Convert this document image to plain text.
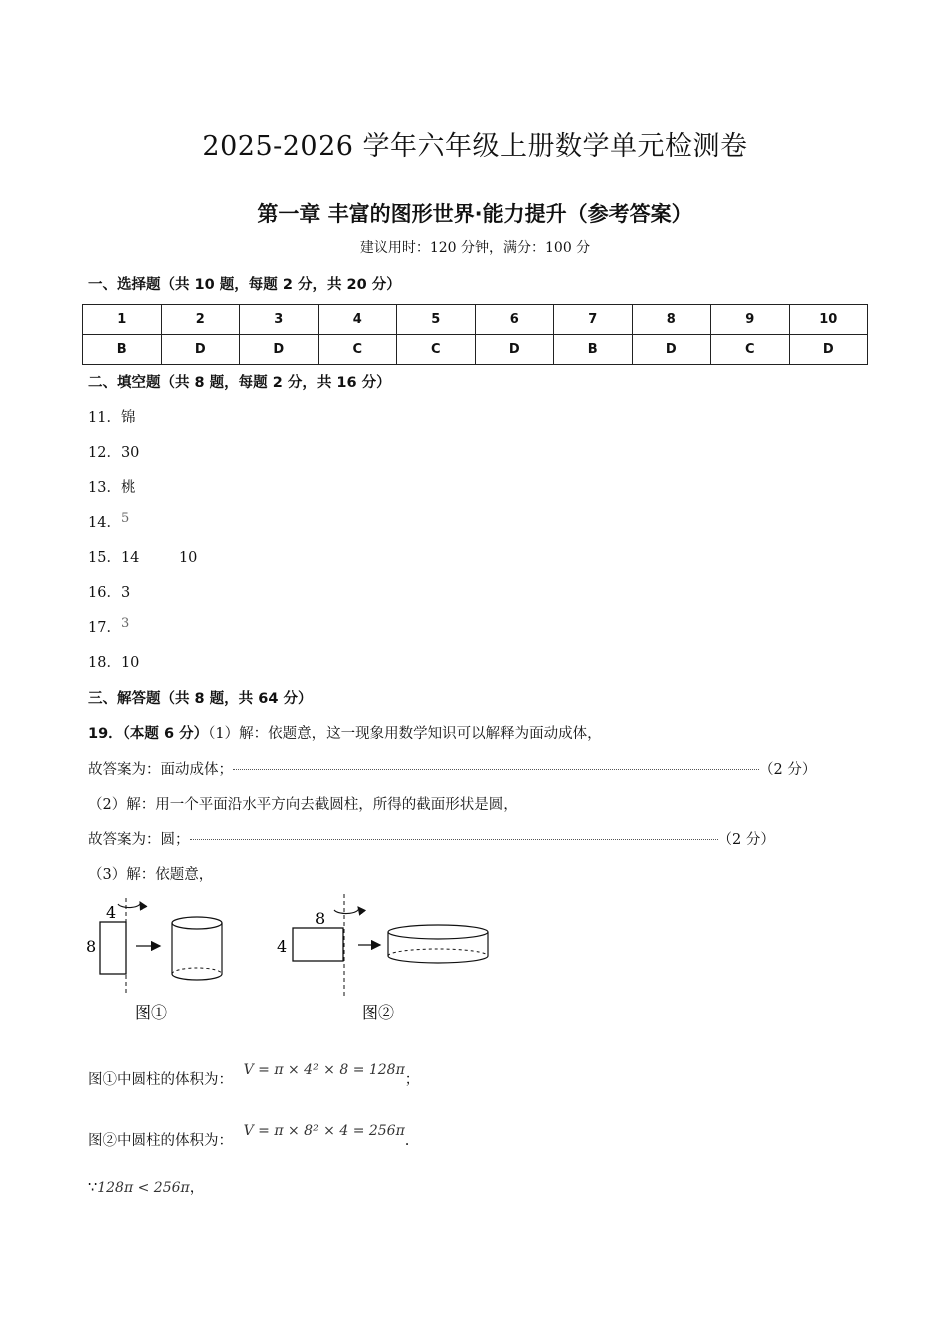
2025-2026 学年六年级上册数学单元检测卷
第一章 丰富的图形世界·能力提升（参考答案）
建议用时：120 分钟，满分：100 分
一、选择题（共 10 题，每题 2 分，共 20 分）
1	2	3	4	5	6	7	8	9	10
B	D	D	C	C	D	B	D	C	D
二、填空题（共 8 题，每题 2 分，共 16 分）
11．锦
12．30
13．桃
14．5
15．14	10
16．3
17．3
18．10
三、解答题（共 8 题，共 64 分）
19．（本题 6 分）（1）解：依题意，这一现象用数学知识可以解释为面动成体，
故答案为：面动成体；	（2 分）
（2）解：用一个平面沿水平方向去截圆柱，所得的截面形状是圆，
故答案为：圆；	（2 分）
（3）解：依题意，
4
8
图①
8
4
图②
图①中圆柱的体积为： V = π × 4² × 8 = 128π；
图②中圆柱的体积为： V = π × 8² × 4 = 256π.
∵128π < 256π，
